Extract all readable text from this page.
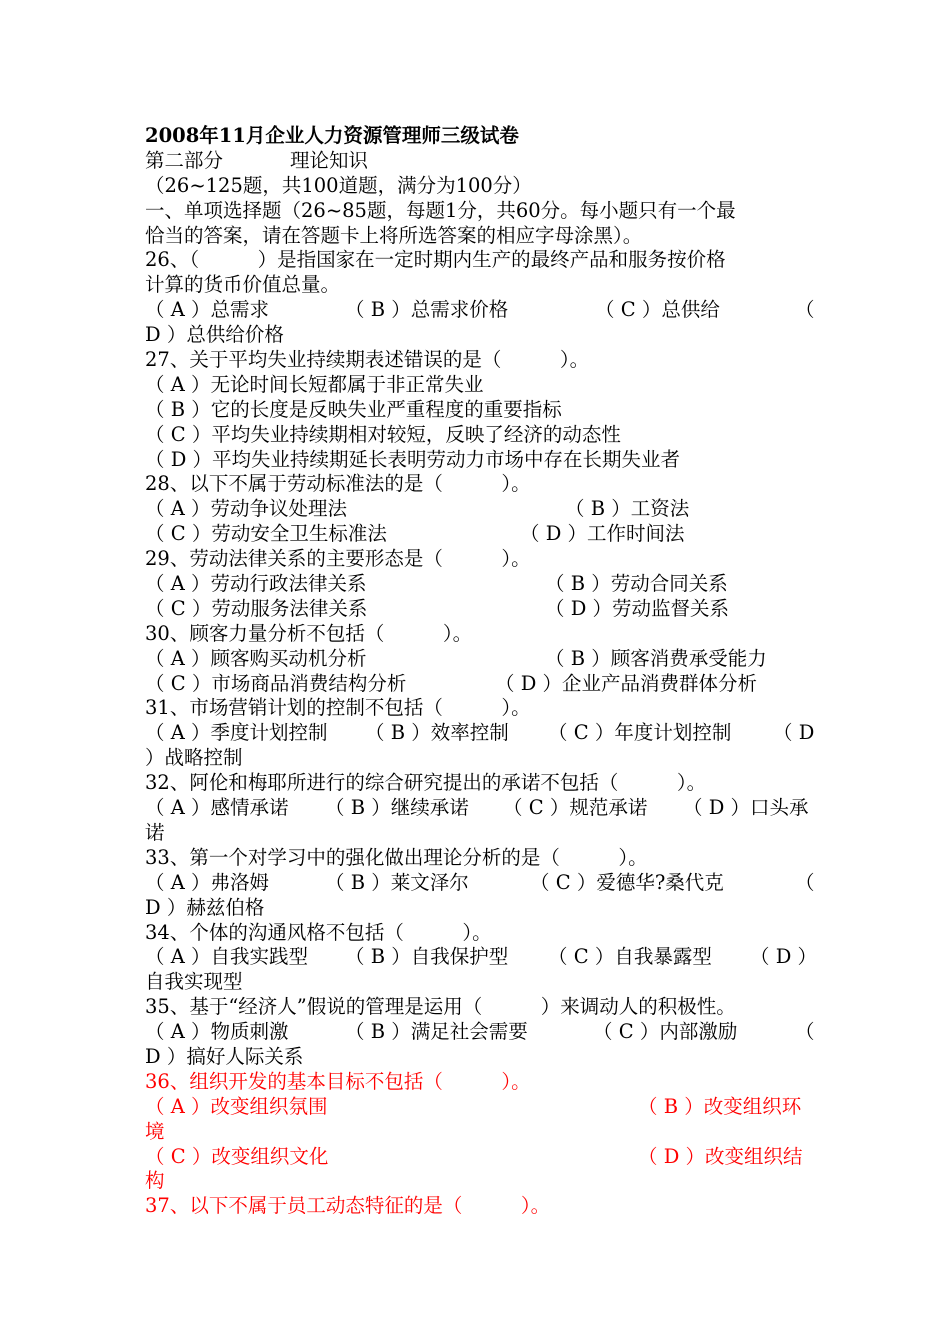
2008年11月企业人力资源管理师三级试卷

第二部分

	理论知识

（26~125题，共100道题，满分为100分）
一、单项选择题（26~85题，每题1分，共60分。每小题只有一个最
恰当的答案，请在答题卡上将所选答案的相应字母涂黑）。
26、（　　　）是指国家在一定时期内生产的最终产品和服务按价格
计算的货币价值总量。

（ A ）总需求

	（ B ）总需求价格

	（ C ）总供给

	（

D ）总供给价格
27、关于平均失业持续期表述错误的是（　　　）。
（ A ）无论时间长短都属于非正常失业
（ B ）它的长度是反映失业严重程度的重要指标
（ C ）平均失业持续期相对较短，反映了经济的动态性
（ D ）平均失业持续期延长表明劳动力市场中存在长期失业者
28、以下不属于劳动标准法的是（　　　）。

（ A ）劳动争议处理法

	（ B ）工资法

（ C ）劳动安全卫生标准法

	（ D ）工作时间法

29、劳动法律关系的主要形态是（　　　）。

（ A ）劳动行政法律关系

	（ B ）劳动合同关系

（ C ）劳动服务法律关系

	（ D ）劳动监督关系

30、顾客力量分析不包括（　　　）。

（ A ）顾客购买动机分析

	（ B ）顾客消费承受能力

（ C ）市场商品消费结构分析

	（ D ）企业产品消费群体分析

31、市场营销计划的控制不包括（　　　）。

（ A ）季度计划控制

（ B ）效率控制

（ C ）年度计划控制

（ D

）战略控制
32、阿伦和梅耶所进行的综合研究提出的承诺不包括（　　　）。

（ A ）感情承诺

（ B ）继续承诺

（ C ）规范承诺

（ D ）口头承

诺
33、第一个对学习中的强化做出理论分析的是（　　　）。

（ A ）弗洛姆

	（ B ）莱文泽尔

	（ C ）爱德华?桑代克

	（

D ）赫兹伯格
34、个体的沟通风格不包括（　　　）。

（ A ）自我实践型

（ B ）自我保护型

（ C ）自我暴露型

（ D ）

自我实现型
35、基于“经济人”假说的管理是运用（　　　）来调动人的积极性。

（ A ）物质刺激

	（ B ）满足社会需要

	（ C ）内部激励

	（

D ）搞好人际关系
36、组织开发的基本目标不包括（　　　）。

（ A ）改变组织氛围

	（ B ）改变组织环

境

（ C ）改变组织文化

	（ D ）改变组织结

构
37、以下不属于员工动态特征的是（　　　）。
